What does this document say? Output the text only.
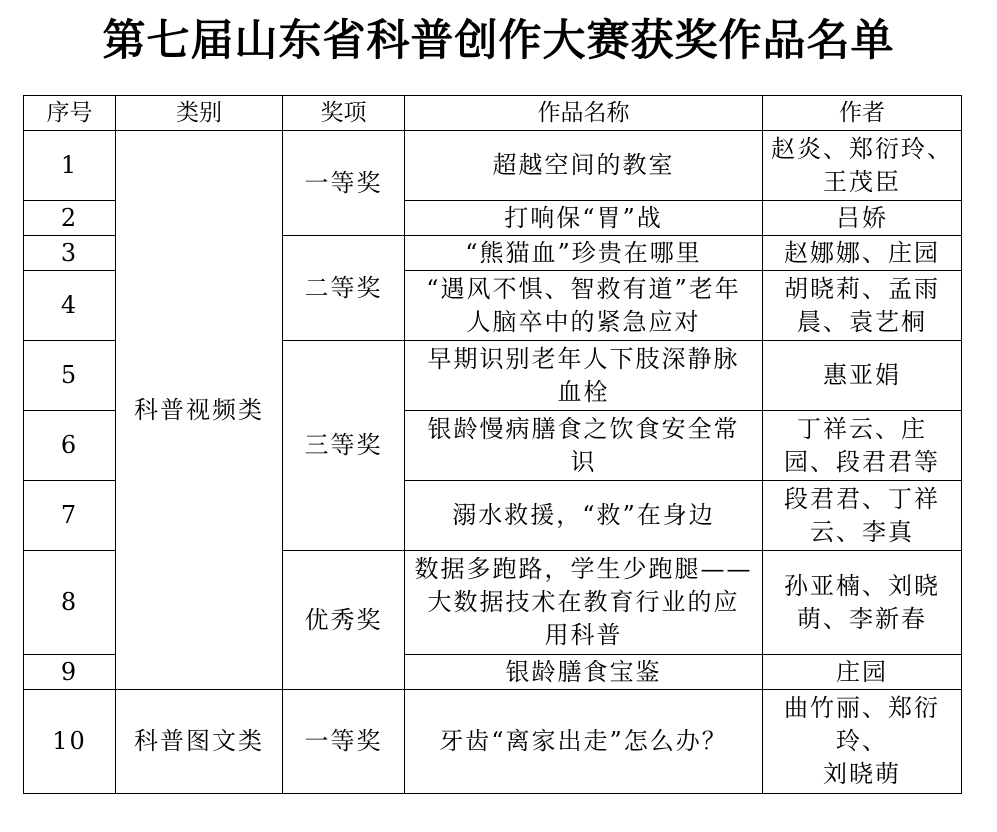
第七届山东省科普创作大赛获奖作品名单
序号	类别	奖项	作品名称	作者
1	科普视频类	一等奖	超越空间的教室	赵炎、郑衍玲、
王茂臣
2			打响保“胃”战	吕娇
3		二等奖	“熊猫血”珍贵在哪里	赵娜娜、庄园
4			“遇风不惧、智救有道”老年
人脑卒中的紧急应对	胡晓莉、孟雨
晨、袁艺桐
5		三等奖	早期识别老年人下肢深静脉
血栓	惠亚娟
6			银龄慢病膳食之饮食安全常
识	丁祥云、庄
园、段君君等
7			溺水救援，“救”在身边	段君君、丁祥
云、李真
8		优秀奖	数据多跑路，学生少跑腿——
大数据技术在教育行业的应
用科普	孙亚楠、刘晓
萌、李新春
9			银龄膳食宝鉴	庄园
10	科普图文类	一等奖	牙齿“离家出走”怎么办？	曲竹丽、郑衍
玲、
刘晓萌
